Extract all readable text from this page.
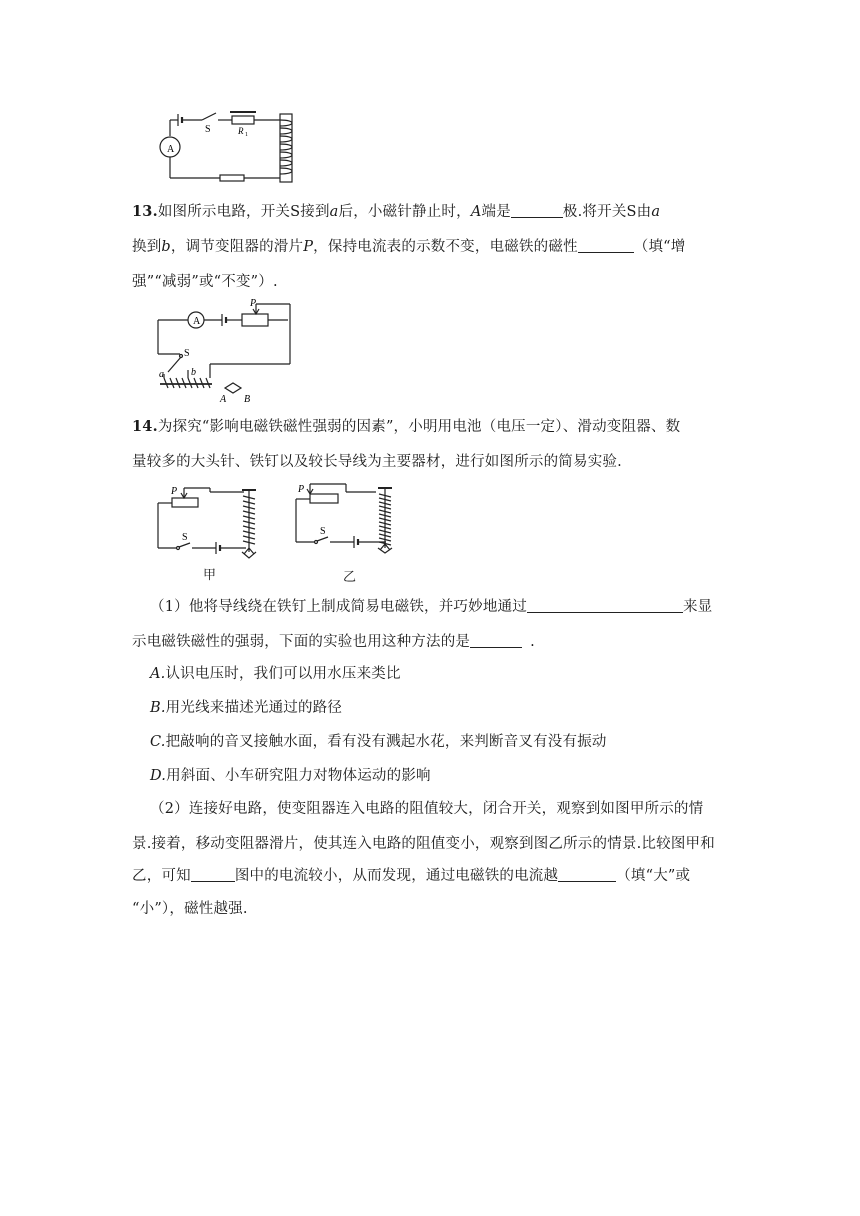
A
S	R 1
13.如图所示电路，开关S接到a后，小磁针静止时，A端是	极.将开关S由a
换到b，调节变阻器的滑片P，保持电流表的示数不变，电磁铁的磁性	（填“增
强”“减弱”或“不变”）.
A
P
S
a	b
A B
14.为探究“影响电磁铁磁性强弱的因素”，小明用电池（电压一定）、滑动变阻器、数
量较多的大头针、铁钉以及较长导线为主要器材，进行如图所示的简易实验.
P
S
P
S
甲	乙
（1）他将导线绕在铁钉上制成简易电磁铁，并巧妙地通过	来显
示电磁铁磁性的强弱，下面的实验也用这种方法的是	.
A.认识电压时，我们可以用水压来类比
B.用光线来描述光通过的路径
C.把敲响的音叉接触水面，看有没有溅起水花，来判断音叉有没有振动
D.用斜面、小车研究阻力对物体运动的影响
（2）连接好电路，使变阻器连入电路的阻值较大，闭合开关，观察到如图甲所示的情
景.接着，移动变阻器滑片，使其连入电路的阻值变小，观察到图乙所示的情景.比较图甲和
乙，可知	图中的电流较小，从而发现，通过电磁铁的电流越	（填“大”或
“小”），磁性越强.
